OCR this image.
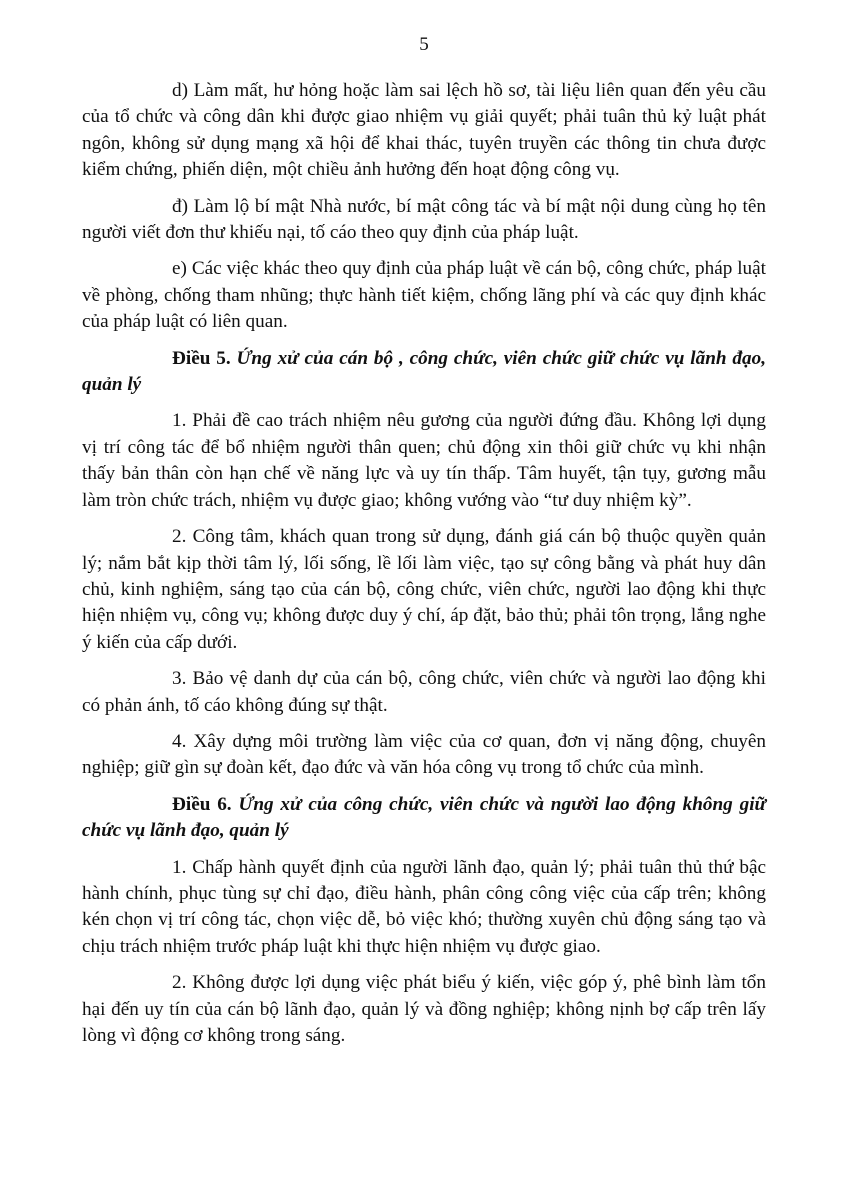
5

d) Làm mất, hư hỏng hoặc làm sai lệch hồ sơ, tài liệu liên quan đến yêu cầu của tổ chức và công dân khi được giao nhiệm vụ giải quyết; phải tuân thủ kỷ luật phát ngôn, không sử dụng mạng xã hội để khai thác, tuyên truyền các thông tin chưa được kiểm chứng, phiến diện, một chiều ảnh hưởng đến hoạt động công vụ.

đ) Làm lộ bí mật Nhà nước, bí mật công tác và bí mật nội dung cùng họ tên người viết đơn thư khiếu nại, tố cáo theo quy định của pháp luật.

e) Các việc khác theo quy định của pháp luật về cán bộ, công chức, pháp luật về phòng, chống tham nhũng; thực hành tiết kiệm, chống lãng phí và các quy định khác của pháp luật có liên quan.

Điều 5. Ứng xử của cán bộ , công chức, viên chức giữ chức vụ lãnh đạo, quản lý

1. Phải đề cao trách nhiệm nêu gương của người đứng đầu. Không lợi dụng vị trí công tác để bổ nhiệm người thân quen; chủ động xin thôi giữ chức vụ khi nhận thấy bản thân còn hạn chế về năng lực và uy tín thấp. Tâm huyết, tận tụy, gương mẫu làm tròn chức trách, nhiệm vụ được giao; không vướng vào “tư duy nhiệm kỳ”.

2. Công tâm, khách quan trong sử dụng, đánh giá cán bộ thuộc quyền quản lý; nắm bắt kịp thời tâm lý, lối sống, lề lối làm việc, tạo sự công bằng và phát huy dân chủ, kinh nghiệm, sáng tạo của cán bộ, công chức, viên chức, người lao động khi thực hiện nhiệm vụ, công vụ; không được duy ý chí, áp đặt, bảo thủ; phải tôn trọng, lắng nghe ý kiến của cấp dưới.

3. Bảo vệ danh dự của cán bộ, công chức, viên chức và người lao động khi có phản ánh, tố cáo không đúng sự thật.

4. Xây dựng môi trường làm việc của cơ quan, đơn vị năng động, chuyên nghiệp; giữ gìn sự đoàn kết, đạo đức và văn hóa công vụ trong tổ chức của mình.

Điều 6. Ứng xử của công chức, viên chức và người lao động không giữ chức vụ lãnh đạo, quản lý

1. Chấp hành quyết định của người lãnh đạo, quản lý; phải tuân thủ thứ bậc hành chính, phục tùng sự chỉ đạo, điều hành, phân công công việc của cấp trên; không kén chọn vị trí công tác, chọn việc dễ, bỏ việc khó; thường xuyên chủ động sáng tạo và chịu trách nhiệm trước pháp luật khi thực hiện nhiệm vụ được giao.

2. Không được lợi dụng việc phát biểu ý kiến, việc góp ý, phê bình làm tổn hại đến uy tín của cán bộ lãnh đạo, quản lý và đồng nghiệp; không nịnh bợ cấp trên lấy lòng vì động cơ không trong sáng.
